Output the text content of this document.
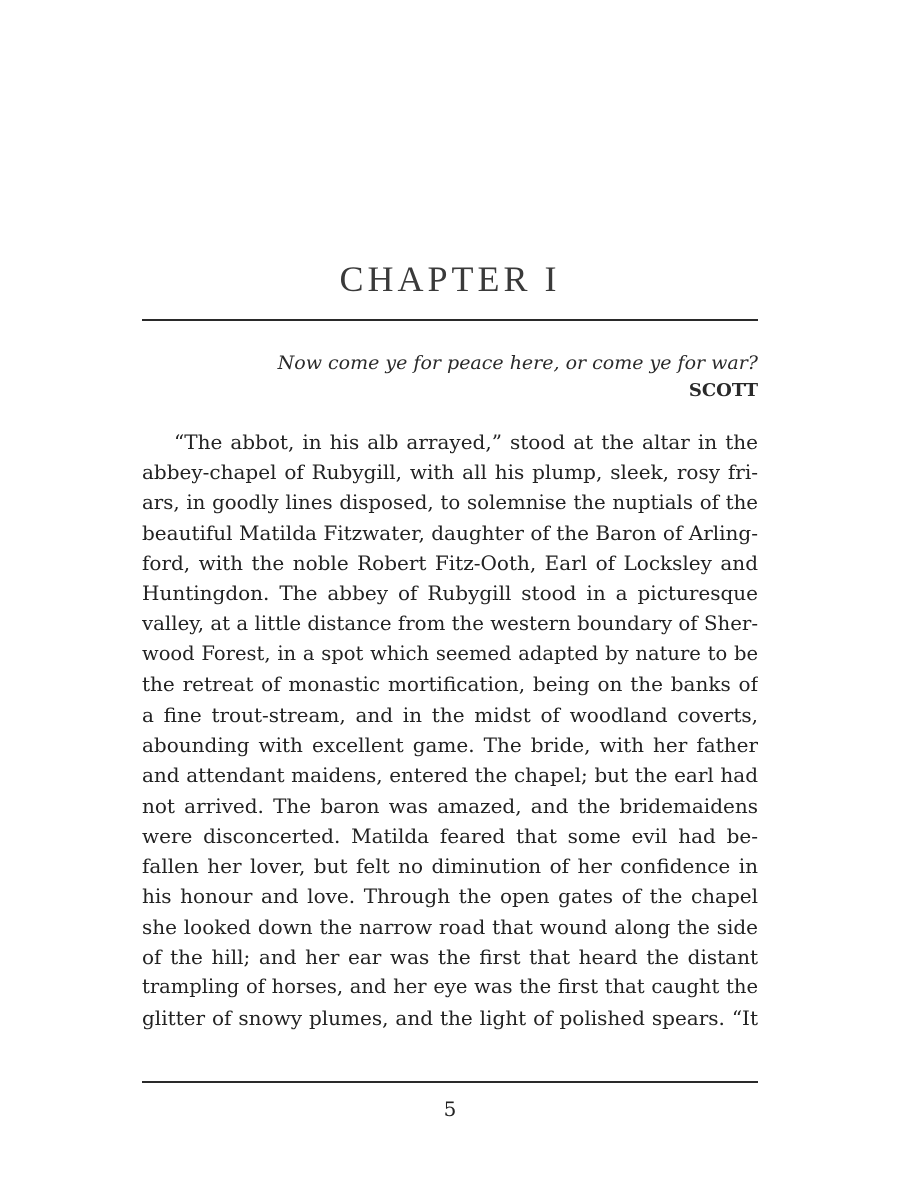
CHAPTER I
Now come ye for peace here, or come ye for war?
SCOTT
“The abbot, in his alb arrayed,” stood at the altar in the
abbey-chapel of Rubygill, with all his plump, sleek, rosy fri-
ars, in goodly lines disposed, to solemnise the nuptials of the
beautiful Matilda Fitzwater, daughter of the Baron of Arling-
ford, with the noble Robert Fitz-Ooth, Earl of Locksley and
Huntingdon. The abbey of Rubygill stood in a picturesque
valley, at a little distance from the western boundary of Sher-
wood Forest, in a spot which seemed adapted by nature to be
the retreat of monastic mortification, being on the banks of
a fine trout-stream, and in the midst of woodland coverts,
abounding with excellent game. The bride, with her father
and attendant maidens, entered the chapel; but the earl had
not arrived. The baron was amazed, and the bridemaidens
were disconcerted. Matilda feared that some evil had be-
fallen her lover, but felt no diminution of her confidence in
his honour and love. Through the open gates of the chapel
she looked down the narrow road that wound along the side
of the hill; and her ear was the first that heard the distant
trampling of horses, and her eye was the first that caught the
glitter of snowy plumes, and the light of polished spears. “It
5
